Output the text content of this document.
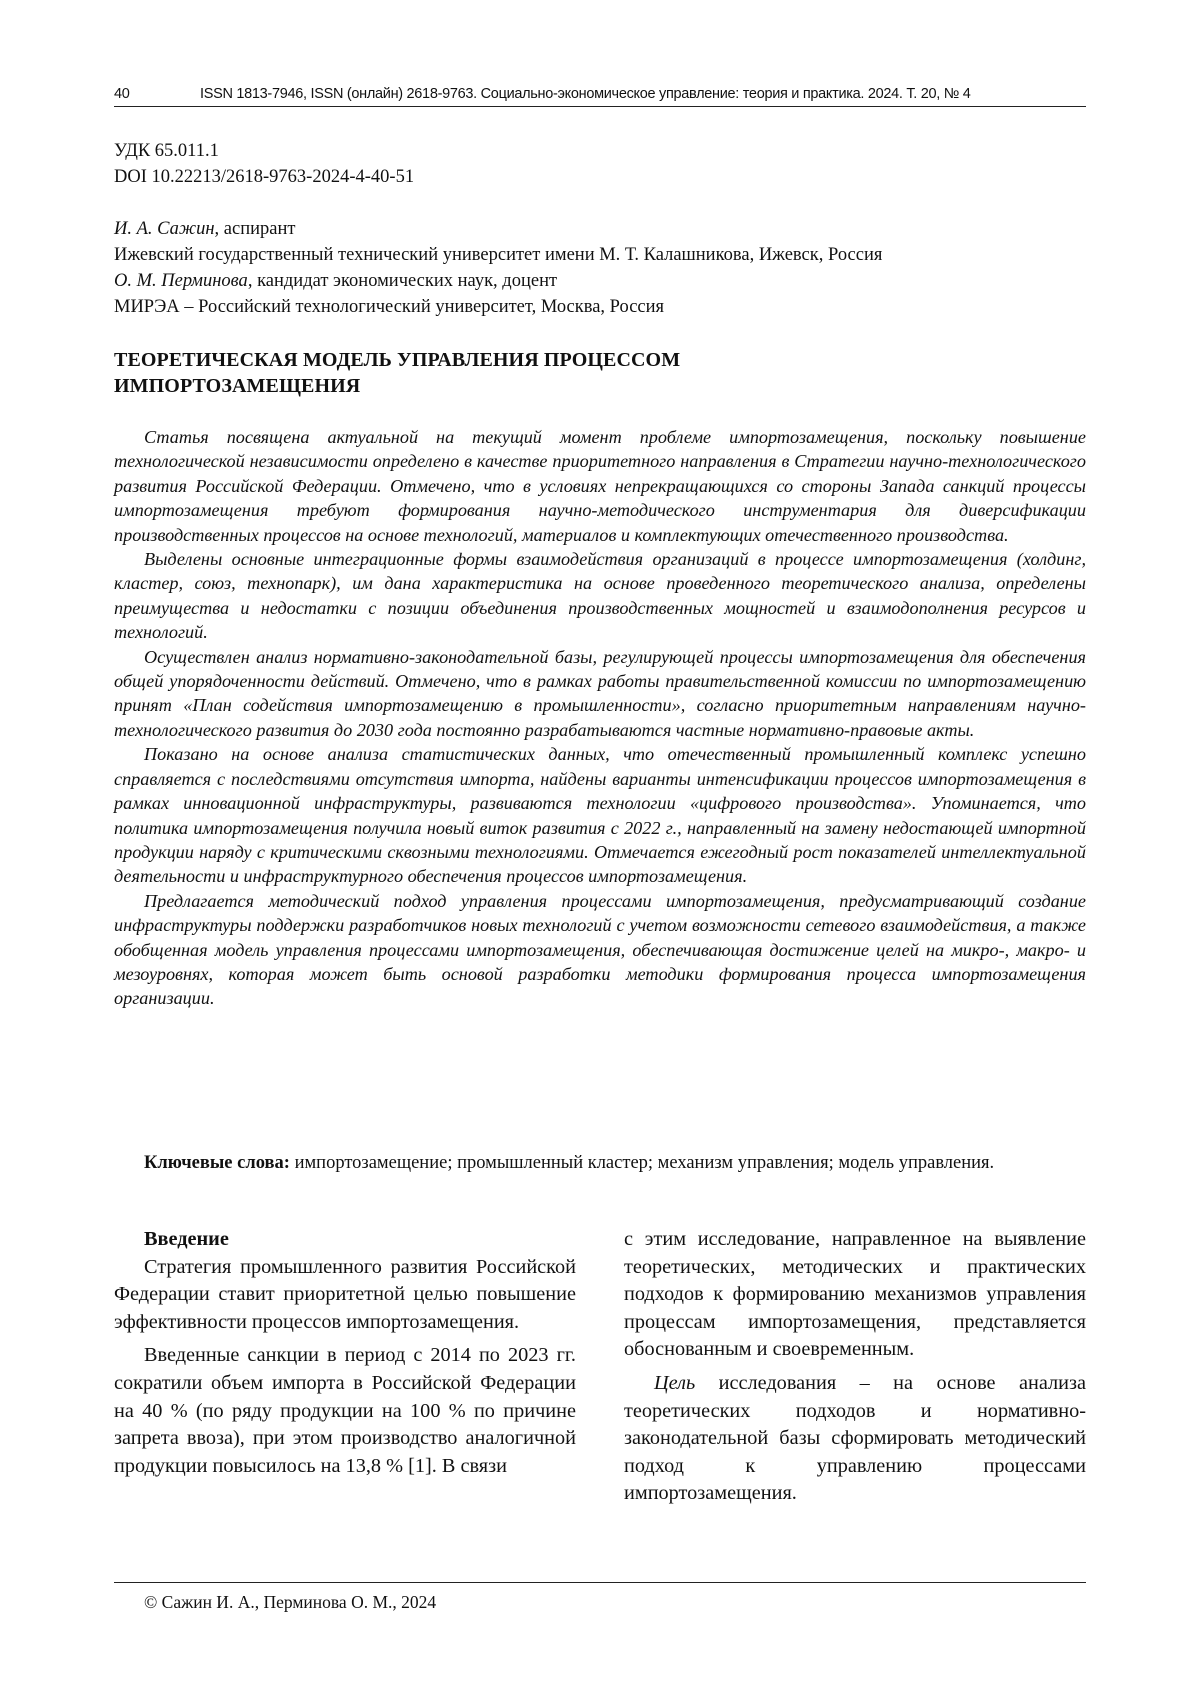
40	ISSN 1813-7946, ISSN (онлайн) 2618-9763. Социально-экономическое управление: теория и практика. 2024. Т. 20, № 4
УДК 65.011.1
DOI 10.22213/2618-9763-2024-4-40-51
И. А. Сажин, аспирант
Ижевский государственный технический университет имени М. Т. Калашникова, Ижевск, Россия
О. М. Перминова, кандидат экономических наук, доцент
МИРЭА – Российский технологический университет, Москва, Россия
ТЕОРЕТИЧЕСКАЯ МОДЕЛЬ УПРАВЛЕНИЯ ПРОЦЕССОМ
ИМПОРТОЗАМЕЩЕНИЯ

Статья посвящена актуальной на текущий момент проблеме импортозамещения, поскольку повышение технологической независимости определено в качестве приоритетного направления в Стратегии научно-технологического развития Российской Федерации. Отмечено, что в условиях непрекращающихся со стороны Запада санкций процессы импортозамещения требуют формирования научно-методического инструментария для диверсификации производственных процессов на основе технологий, материалов и комплектующих отечественного производства.

Выделены основные интеграционные формы взаимодействия организаций в процессе импортозамещения (холдинг, кластер, союз, технопарк), им дана характеристика на основе проведенного теоретического анализа, определены преимущества и недостатки с позиции объединения производственных мощностей и взаимодополнения ресурсов и технологий.

Осуществлен анализ нормативно-законодательной базы, регулирующей процессы импортозамещения для обеспечения общей упорядоченности действий. Отмечено, что в рамках работы правительственной комиссии по импортозамещению принят «План содействия импортозамещению в промышленности», согласно приоритетным направлениям научно-технологического развития до 2030 года постоянно разрабатываются частные нормативно-правовые акты.

Показано на основе анализа статистических данных, что отечественный промышленный комплекс успешно справляется с последствиями отсутствия импорта, найдены варианты интенсификации процессов импортозамещения в рамках инновационной инфраструктуры, развиваются технологии «цифрового производства». Упоминается, что политика импортозамещения получила новый виток развития с 2022 г., направленный на замену недостающей импортной продукции наряду с критическими сквозными технологиями. Отмечается ежегодный рост показателей интеллектуальной деятельности и инфраструктурного обеспечения процессов импортозамещения.

Предлагается методический подход управления процессами импортозамещения, предусматривающий создание инфраструктуры поддержки разработчиков новых технологий с учетом возможности сетевого взаимодействия, а также обобщенная модель управления процессами импортозамещения, обеспечивающая достижение целей на микро-, макро- и мезоуровнях, которая может быть основой разработки методики формирования процесса импортозамещения организации.

Ключевые слова: импортозамещение; промышленный кластер; механизм управления; модель управления.

Введение

Стратегия промышленного развития Российской Федерации ставит приоритетной целью повышение эффективности процессов импортозамещения.

Введенные санкции в период с 2014 по 2023 гг. сократили объем импорта в Российской Федерации на 40 % (по ряду продукции на 100 % по причине запрета ввоза), при этом производство аналогичной продукции повысилось на 13,8 % [1]. В связи

с этим исследование, направленное на выявление теоретических, методических и практических подходов к формированию механизмов управления процессам импортозамещения, представляется обоснованным и своевременным.

Цель исследования – на основе анализа теоретических подходов и нормативно-законодательной базы сформировать методический подход к управлению процессами импортозамещения.

© Сажин И. А., Перминова О. М., 2024
